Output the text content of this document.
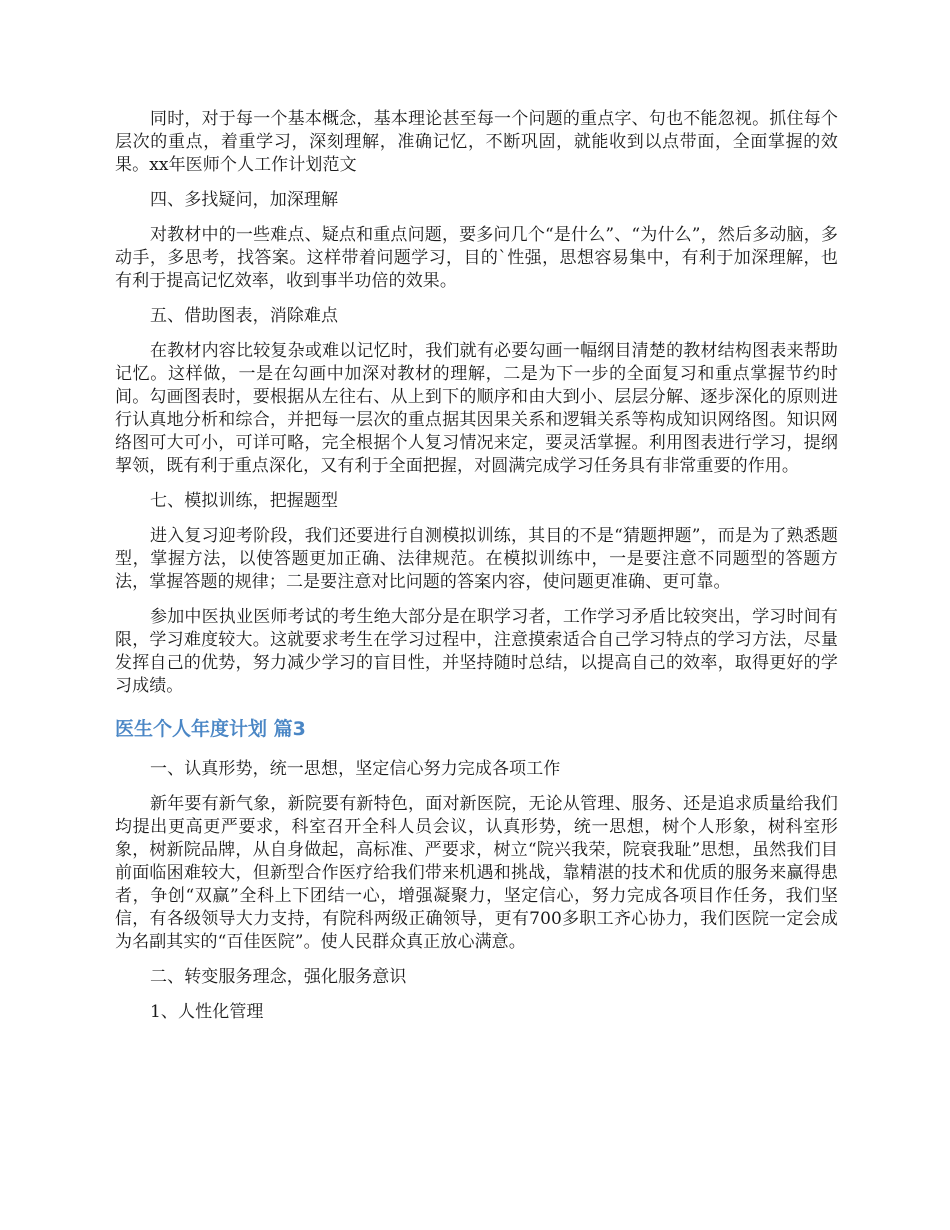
同时，对于每一个基本概念，基本理论甚至每一个问题的重点字、句也不能忽视。抓住每个层次的重点，着重学习，深刻理解，准确记忆，不断巩固，就能收到以点带面，全面掌握的效果。xx年医师个人工作计划范文

四、多找疑问，加深理解

对教材中的一些难点、疑点和重点问题，要多问几个“是什么”、“为什么”，然后多动脑，多动手，多思考，找答案。这样带着问题学习，目的`性强，思想容易集中，有利于加深理解，也有利于提高记忆效率，收到事半功倍的效果。

五、借助图表，消除难点

在教材内容比较复杂或难以记忆时，我们就有必要勾画一幅纲目清楚的教材结构图表来帮助记忆。这样做，一是在勾画中加深对教材的理解，二是为下一步的全面复习和重点掌握节约时间。勾画图表时，要根据从左往右、从上到下的顺序和由大到小、层层分解、逐步深化的原则进行认真地分析和综合，并把每一层次的重点据其因果关系和逻辑关系等构成知识网络图。知识网络图可大可小，可详可略，完全根据个人复习情况来定，要灵活掌握。利用图表进行学习，提纲挈领，既有利于重点深化，又有利于全面把握，对圆满完成学习任务具有非常重要的作用。

七、模拟训练，把握题型

进入复习迎考阶段，我们还要进行自测模拟训练，其目的不是“猜题押题”，而是为了熟悉题型，掌握方法，以使答题更加正确、法律规范。在模拟训练中，一是要注意不同题型的答题方法，掌握答题的规律；二是要注意对比问题的答案内容，使问题更准确、更可靠。

参加中医执业医师考试的考生绝大部分是在职学习者，工作学习矛盾比较突出，学习时间有限，学习难度较大。这就要求考生在学习过程中，注意摸索适合自己学习特点的学习方法，尽量发挥自己的优势，努力减少学习的盲目性，并坚持随时总结，以提高自己的效率，取得更好的学习成绩。

医生个人年度计划 篇3

一、认真形势，统一思想，坚定信心努力完成各项工作

新年要有新气象，新院要有新特色，面对新医院，无论从管理、服务、还是追求质量给我们均提出更高更严要求，科室召开全科人员会议，认真形势，统一思想，树个人形象，树科室形象，树新院品牌，从自身做起，高标准、严要求，树立“院兴我荣，院衰我耻”思想，虽然我们目前面临困难较大，但新型合作医疗给我们带来机遇和挑战，靠精湛的技术和优质的服务来赢得患者，争创“双赢”全科上下团结一心，增强凝聚力，坚定信心，努力完成各项目作任务，我们坚信，有各级领导大力支持，有院科两级正确领导，更有700多职工齐心协力，我们医院一定会成为名副其实的“百佳医院”。使人民群众真正放心满意。

二、转变服务理念，强化服务意识

1、人性化管理
